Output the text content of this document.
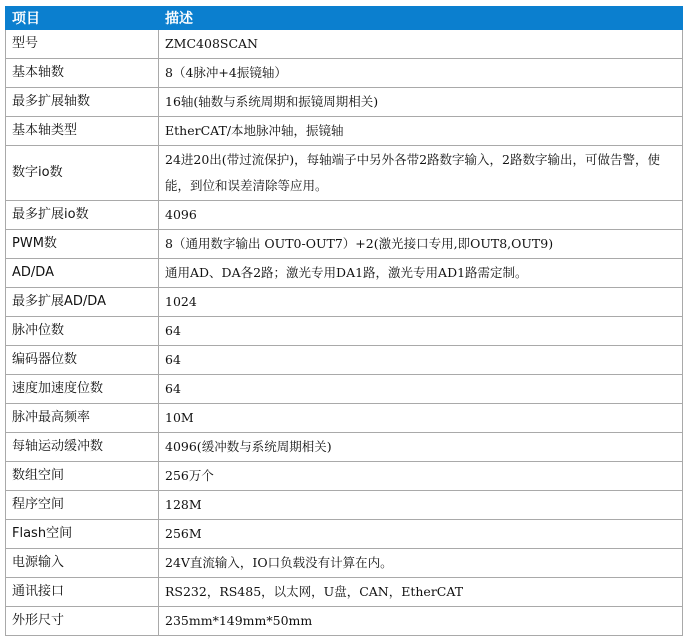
项目	描述
型号	ZMC408SCAN
基本轴数	8（4脉冲+4振镜轴）
最多扩展轴数	16轴(轴数与系统周期和振镜周期相关)
基本轴类型	EtherCAT/本地脉冲轴，振镜轴
数字io数	24进20出(带过流保护)，每轴端子中另外各带2路数字输入，2路数字输出，可做告警，使能，到位和误差清除等应用。
最多扩展io数	4096
PWM数	8（通用数字输出 OUT0-OUT7）+2(激光接口专用,即OUT8,OUT9)
AD/DA	通用AD、DA各2路；激光专用DA1路，激光专用AD1路需定制。
最多扩展AD/DA	1024
脉冲位数	64
编码器位数	64
速度加速度位数	64
脉冲最高频率	10M
每轴运动缓冲数	4096(缓冲数与系统周期相关)
数组空间	256万个
程序空间	128M
Flash空间	256M
电源输入	24V直流输入，IO口负载没有计算在内。
通讯接口	RS232，RS485，以太网，U盘，CAN，EtherCAT
外形尺寸	235mm*149mm*50mm
